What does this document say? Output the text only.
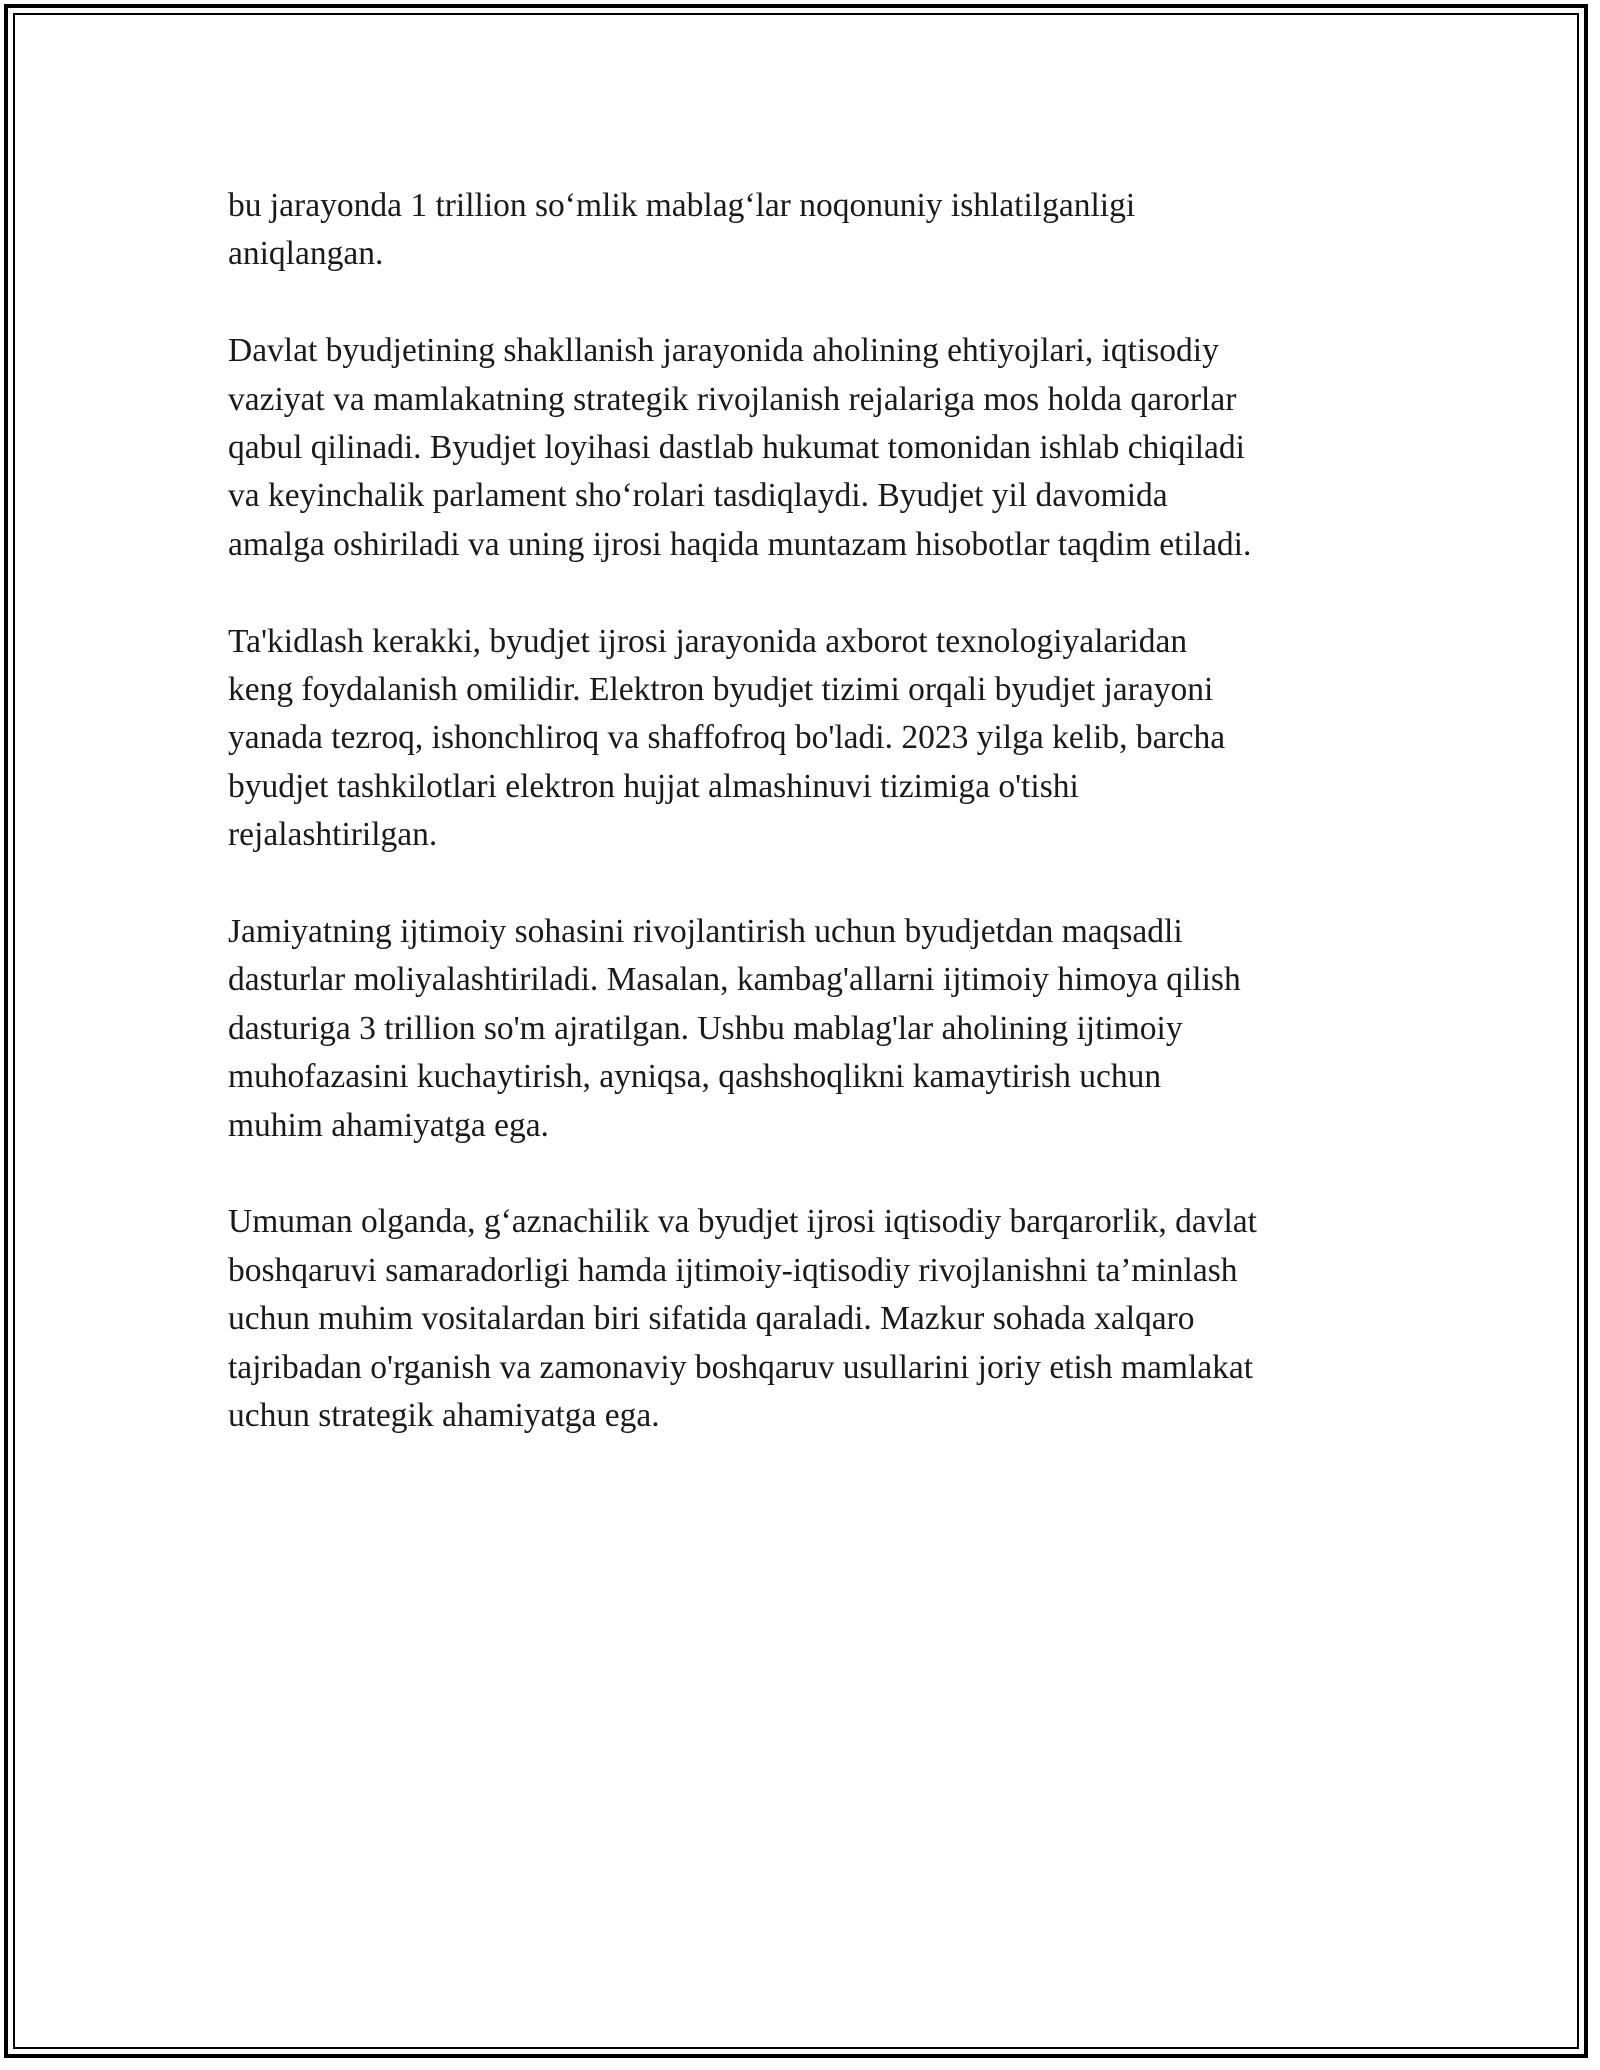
bu jarayonda 1 trillion so‘mlik mablag‘lar noqonuniy ishlatilganligi
aniqlangan.

Davlat byudjetining shakllanish jarayonida aholining ehtiyojlari, iqtisodiy
vaziyat va mamlakatning strategik rivojlanish rejalariga mos holda qarorlar
qabul qilinadi. Byudjet loyihasi dastlab hukumat tomonidan ishlab chiqiladi
va keyinchalik parlament sho‘rolari tasdiqlaydi. Byudjet yil davomida
amalga oshiriladi va uning ijrosi haqida muntazam hisobotlar taqdim etiladi.

Ta'kidlash kerakki, byudjet ijrosi jarayonida axborot texnologiyalaridan
keng foydalanish omilidir. Elektron byudjet tizimi orqali byudjet jarayoni
yanada tezroq, ishonchliroq va shaffofroq bo'ladi. 2023 yilga kelib, barcha
byudjet tashkilotlari elektron hujjat almashinuvi tizimiga o'tishi
rejalashtirilgan.

Jamiyatning ijtimoiy sohasini rivojlantirish uchun byudjetdan maqsadli
dasturlar moliyalashtiriladi. Masalan, kambag'allarni ijtimoiy himoya qilish
dasturiga 3 trillion so'm ajratilgan. Ushbu mablag'lar aholining ijtimoiy
muhofazasini kuchaytirish, ayniqsa, qashshoqlikni kamaytirish uchun
muhim ahamiyatga ega.

Umuman olganda, g‘aznachilik va byudjet ijrosi iqtisodiy barqarorlik, davlat
boshqaruvi samaradorligi hamda ijtimoiy-iqtisodiy rivojlanishni ta’minlash
uchun muhim vositalardan biri sifatida qaraladi. Mazkur sohada xalqaro
tajribadan o'rganish va zamonaviy boshqaruv usullarini joriy etish mamlakat
uchun strategik ahamiyatga ega.
